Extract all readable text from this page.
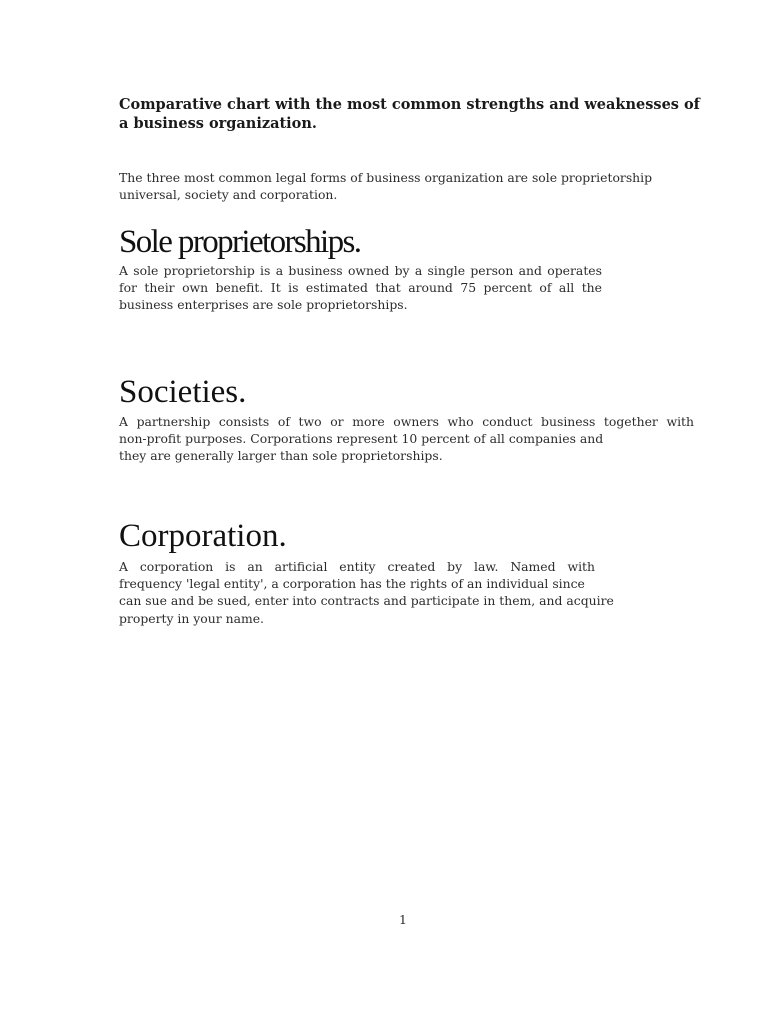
Comparative chart with the most common strengths and weaknesses of
a business organization.

The three most common legal forms of business organization are sole proprietorship
universal, society and corporation.

Sole proprietorships.

A sole proprietorship is a business owned by a single person and operates
for their own benefit. It is estimated that around 75 percent of all the
business enterprises are sole proprietorships.

Societies.

A partnership consists of two or more owners who conduct business together with
non-profit purposes. Corporations represent 10 percent of all companies and
they are generally larger than sole proprietorships.

Corporation.

A corporation is an artificial entity created by law. Named with
frequency 'legal entity', a corporation has the rights of an individual since
can sue and be sued, enter into contracts and participate in them, and acquire
property in your name.

1
